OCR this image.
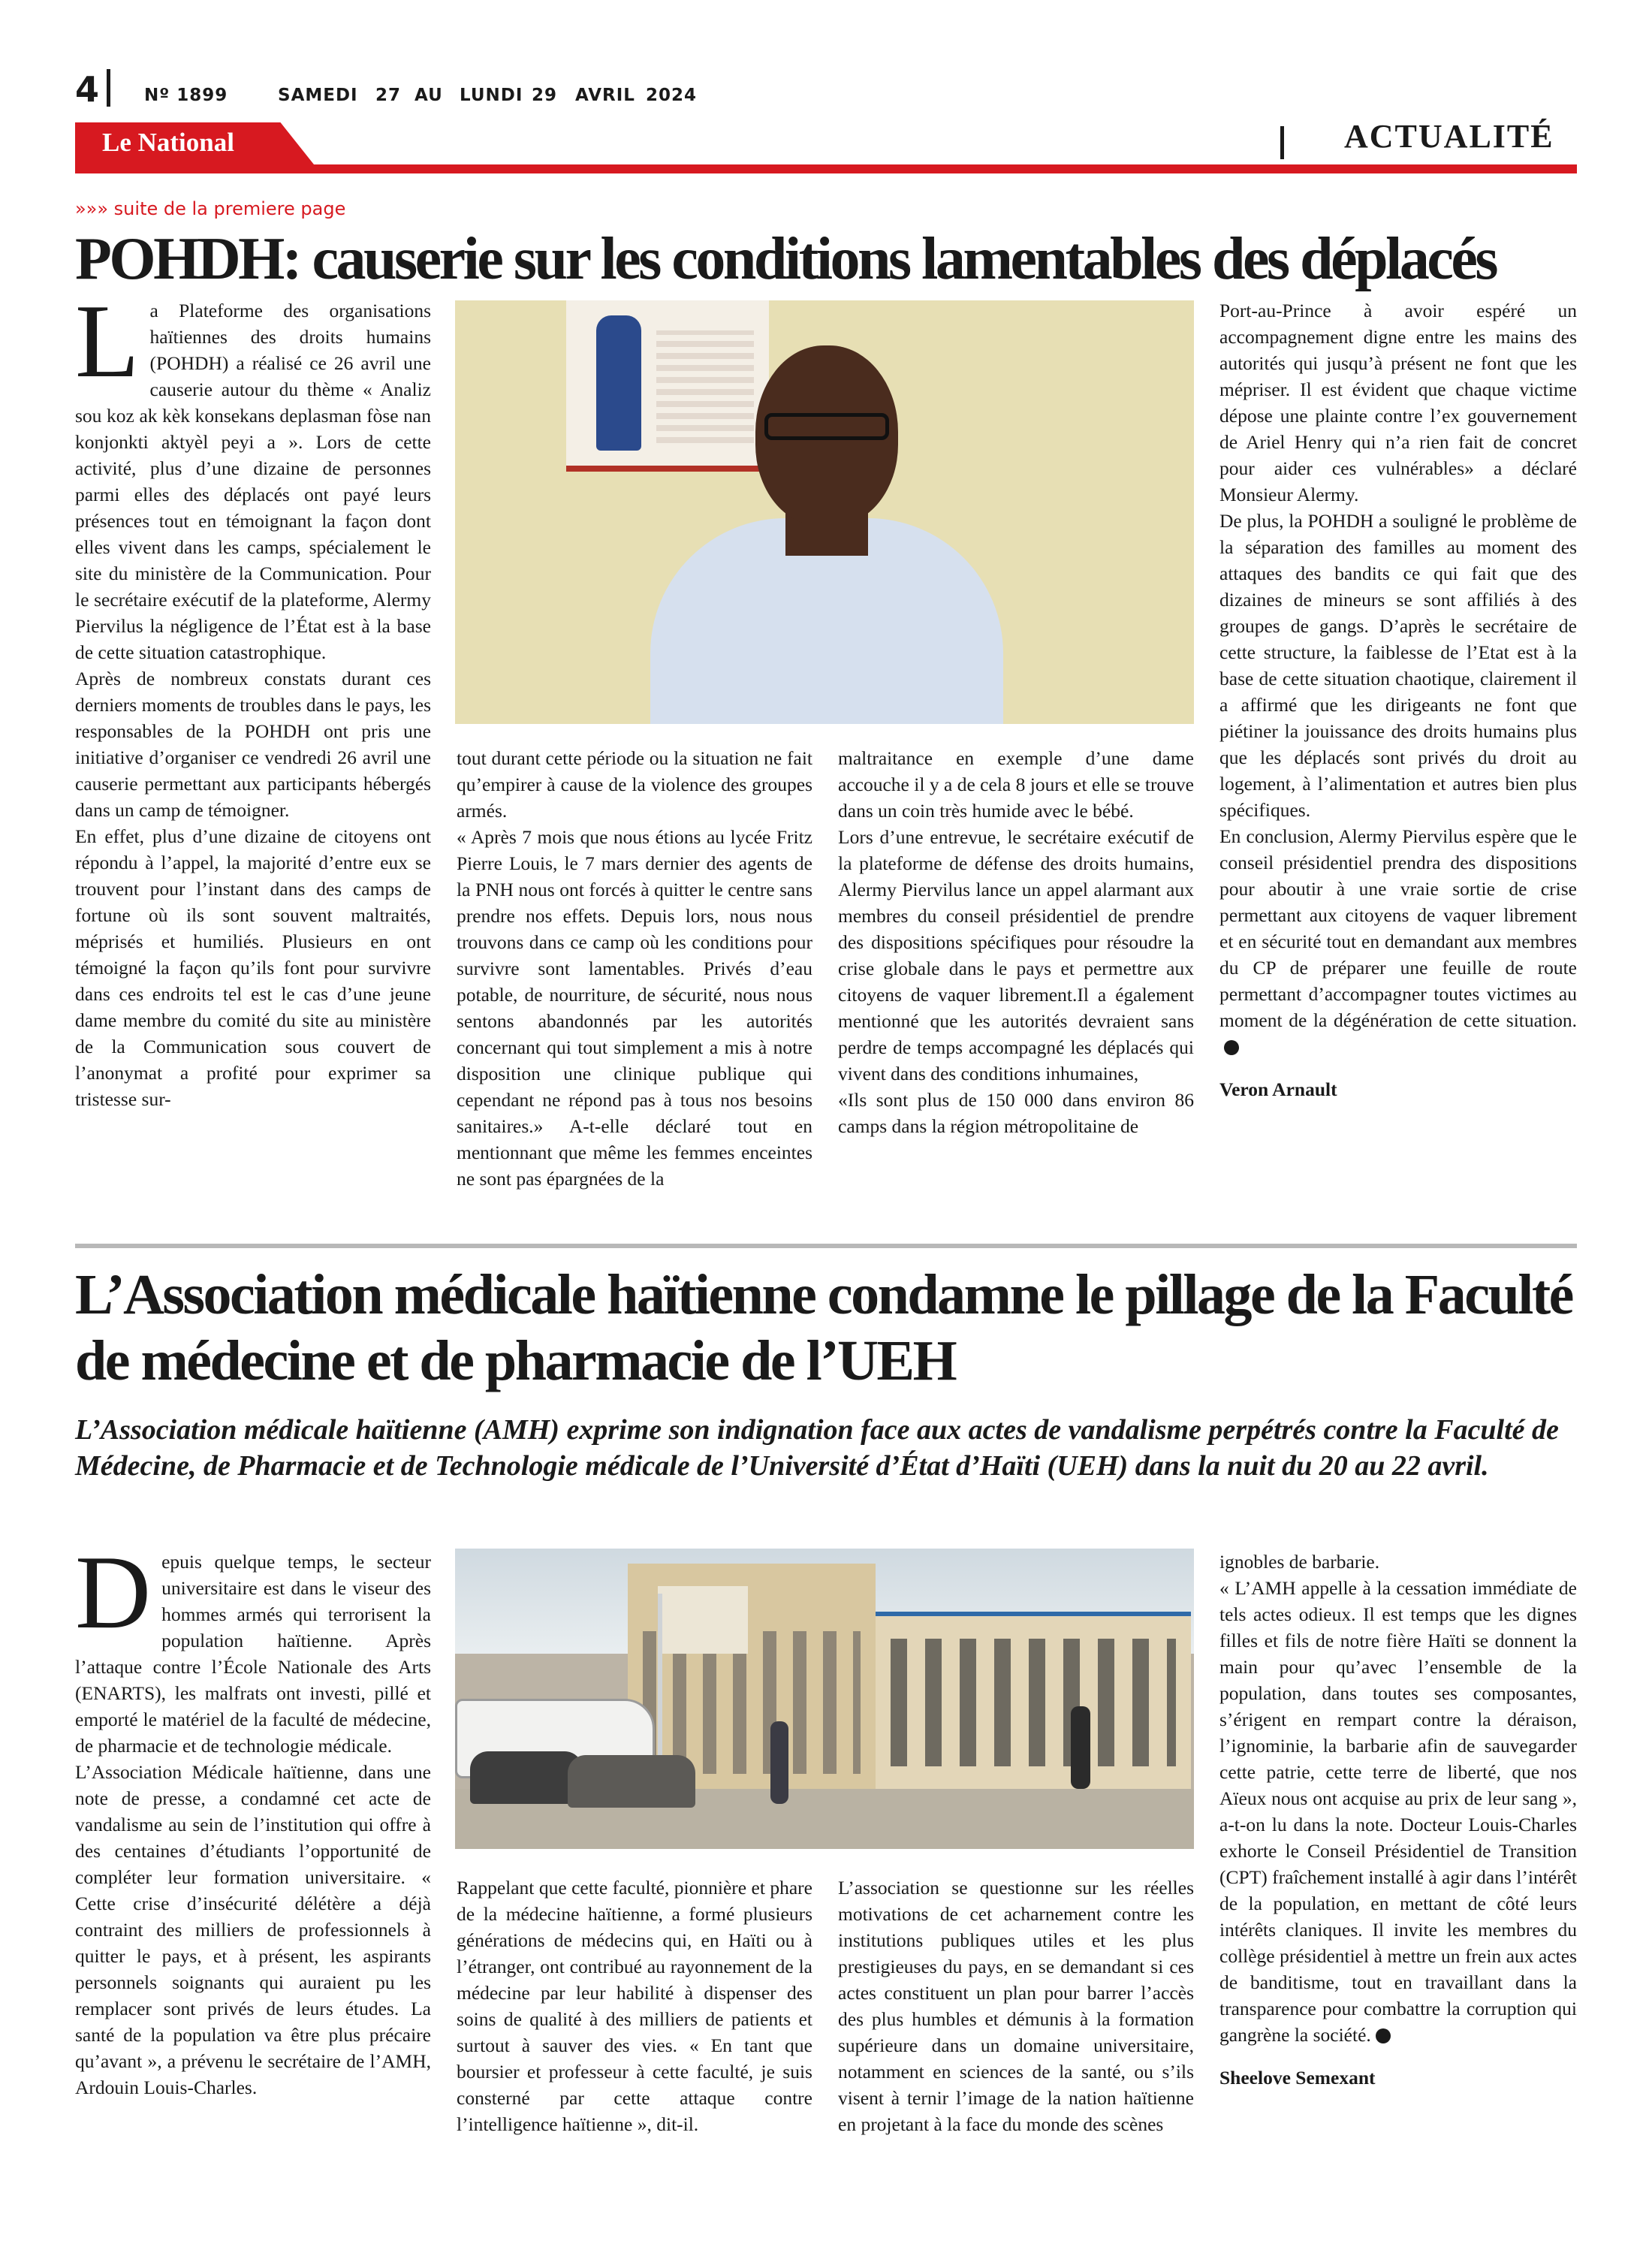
4	Nº 1899	SAMEDI 27 AU LUNDI 29 AVRIL 2024
Le National	ACTUALITÉ
»»» suite de la premiere page
POHDH: causerie sur les conditions lamentables des déplacés
L a Plateforme des organisations haïtiennes des droits humains (POHDH) a réalisé ce 26 avril une causerie autour du thème « Analiz sou koz ak kèk konsekans deplasman fòse nan konjonkti aktyèl peyi a ». Lors de cette activité, plus d’une dizaine de personnes parmi elles des déplacés ont payé leurs présences tout en témoignant la façon dont elles vivent dans les camps, spécialement le site du ministère de la Communication. Pour le secrétaire exécutif de la plateforme, Alermy Piervilus la négligence de l’État est à la base de cette situation catastrophique.

Après de nombreux constats durant ces derniers moments de troubles dans le pays, les responsables de la POHDH ont pris une initiative d’organiser ce vendredi 26 avril une causerie permettant aux participants hébergés dans un camp de témoigner.

En effet, plus d’une dizaine de citoyens ont répondu à l’appel, la majorité d’entre eux se trouvent pour l’instant dans des camps de fortune où ils sont souvent maltraités, méprisés et humiliés. Plusieurs en ont témoigné la façon qu’ils font pour survivre dans ces endroits tel est le cas d’une jeune dame membre du comité du site au ministère de la Communication sous couvert de l’anonymat a profité pour exprimer sa tristesse sur-

tout durant cette période ou la situation ne fait qu’empirer à cause de la violence des groupes armés.

« Après 7 mois que nous étions au lycée Fritz Pierre Louis, le 7 mars dernier des agents de la PNH nous ont forcés à quitter le centre sans prendre nos effets. Depuis lors, nous nous trouvons dans ce camp où les conditions pour survivre sont lamentables. Privés d’eau potable, de nourriture, de sécurité, nous nous sentons abandonnés par les autorités concernant qui tout simplement a mis à notre disposition une clinique publique qui cependant ne répond pas à tous nos besoins sanitaires.» A-t-elle déclaré tout en mentionnant que même les femmes enceintes ne sont pas épargnées de la

maltraitance en exemple d’une dame accouche il y a de cela 8 jours et elle se trouve dans un coin très humide avec le bébé.

Lors d’une entrevue, le secrétaire exécutif de la plateforme de défense des droits humains, Alermy Piervilus lance un appel alarmant aux membres du conseil présidentiel de prendre des dispositions spécifiques pour résoudre la crise globale dans le pays et permettre aux citoyens de vaquer librement.Il a également mentionné que les autorités devraient sans perdre de temps accompagné les déplacés qui vivent dans des conditions inhumaines,

«Ils sont plus de 150 000 dans environ 86 camps dans la région métropolitaine de

Port-au-Prince à avoir espéré un accompagnement digne entre les mains des autorités qui jusqu’à présent ne font que les mépriser. Il est évident que chaque victime dépose une plainte contre l’ex gouvernement de Ariel Henry qui n’a rien fait de concret pour aider ces vulnérables» a déclaré Monsieur Alermy.

De plus, la POHDH a souligné le problème de la séparation des familles au moment des attaques des bandits ce qui fait que des dizaines de mineurs se sont affiliés à des groupes de gangs. D’après le secrétaire de cette structure, la faiblesse de l’Etat est à la base de cette situation chaotique, clairement il a affirmé que les dirigeants ne font que piétiner la jouissance des droits humains plus que les déplacés sont privés du droit au logement, à l’alimentation et autres bien plus spécifiques.

En conclusion, Alermy Piervilus espère que le conseil présidentiel prendra des dispositions pour aboutir à une vraie sortie de crise permettant aux citoyens de vaquer librement et en sécurité tout en demandant aux membres du CP de préparer une feuille de route permettant d’accompagner toutes victimes au moment de la dégénération de cette situation.

Veron Arnault

L’Association médicale haïtienne condamne le pillage de la Faculté de médecine et de pharmacie de l’UEH
L’Association médicale haïtienne (AMH) exprime son indignation face aux actes de vandalisme perpétrés contre la Faculté de Médecine, de Pharmacie et de Technologie médicale de l’Université d’État d’Haïti (UEH) dans la nuit du 20 au 22 avril.
D epuis quelque temps, le secteur universitaire est dans le viseur des hommes armés qui terrorisent la population haïtienne. Après l’attaque contre l’École Nationale des Arts (ENARTS), les malfrats ont investi, pillé et emporté le matériel de la faculté de médecine, de pharmacie et de technologie médicale.

L’Association Médicale haïtienne, dans une note de presse, a condamné cet acte de vandalisme au sein de l’institution qui offre à des centaines d’étudiants l’opportunité de compléter leur formation universitaire. « Cette crise d’insécurité délétère a déjà contraint des milliers de professionnels à quitter le pays, et à présent, les aspirants personnels soignants qui auraient pu les remplacer sont privés de leurs études. La santé de la population va être plus précaire qu’avant », a prévenu le secrétaire de l’AMH, Ardouin Louis-Charles.

Rappelant que cette faculté, pionnière et phare de la médecine haïtienne, a formé plusieurs générations de médecins qui, en Haïti ou à l’étranger, ont contribué au rayonnement de la médecine par leur habilité à dispenser des soins de qualité à des milliers de patients et surtout à sauver des vies. « En tant que boursier et professeur à cette faculté, je suis consterné par cette attaque contre l’intelligence haïtienne », dit-il.

L’association se questionne sur les réelles motivations de cet acharnement contre les institutions publiques utiles et les plus prestigieuses du pays, en se demandant si ces actes constituent un plan pour barrer l’accès des plus humbles et démunis à la formation supérieure dans un domaine universitaire, notamment en sciences de la santé, ou s’ils visent à ternir l’image de la nation haïtienne en projetant à la face du monde des scènes

ignobles de barbarie.

« L’AMH appelle à la cessation immédiate de tels actes odieux. Il est temps que les dignes filles et fils de notre fière Haïti se donnent la main pour qu’avec l’ensemble de la population, dans toutes ses composantes, s’érigent en rempart contre la déraison, l’ignominie, la barbarie afin de sauvegarder cette patrie, cette terre de liberté, que nos Aïeux nous ont acquise au prix de leur sang », a-t-on lu dans la note. Docteur Louis-Charles exhorte le Conseil Présidentiel de Transition (CPT) fraîchement installé à agir dans l’intérêt de la population, en mettant de côté leurs intérêts claniques. Il invite les membres du collège présidentiel à mettre un frein aux actes de banditisme, tout en travaillant dans la transparence pour combattre la corruption qui gangrène la société.

Sheelove Semexant
